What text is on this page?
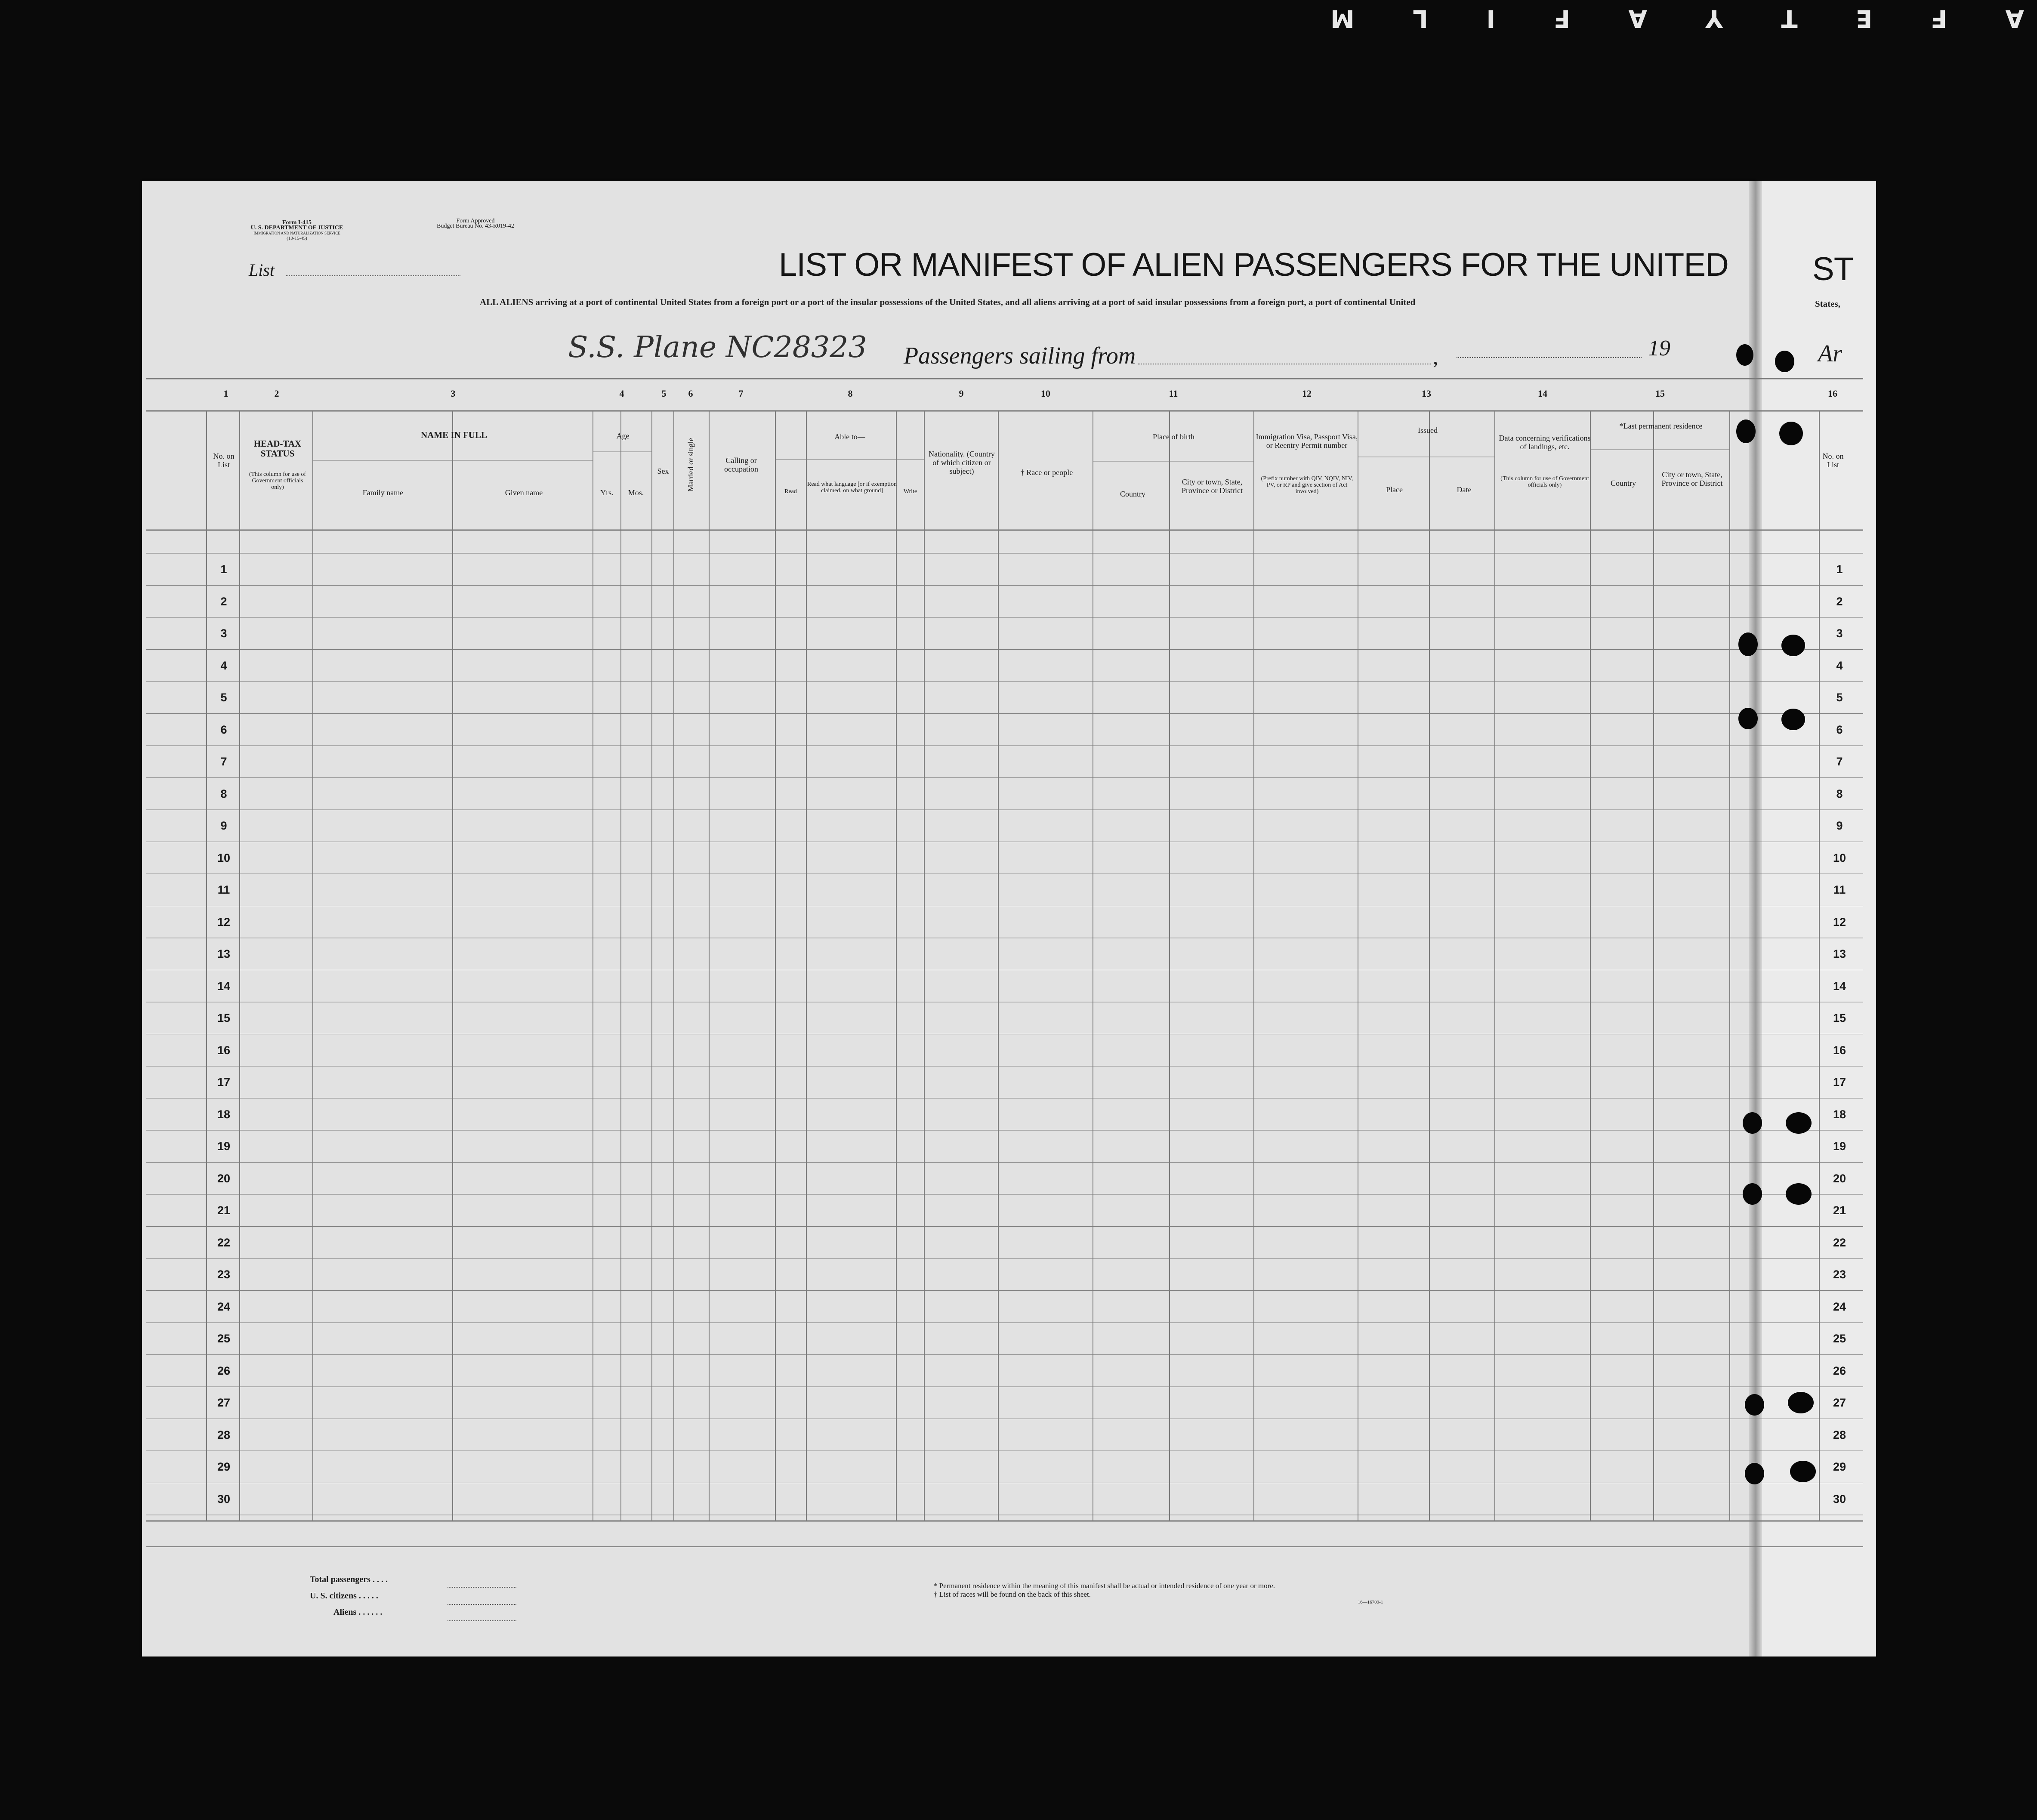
A F E T Y A F I L M
Form I-415
U. S. DEPARTMENT OF JUSTICE
IMMIGRATION AND NATURALIZATION SERVICE
(10-15-45)
Form Approved
Budget Bureau No. 43-R019-42
List	LIST OR MANIFEST OF ALIEN PASSENGERS FOR THE UNITED	ST
ALL ALIENS arriving at a port of continental United States from a foreign port or a port of the insular possessions of the United States, and all aliens arriving at a port of said insular possessions from a foreign port, a port of continental United	States,
S.S. Plane NC28323 Passengers sailing from	,	19	Ar
1	2	3	4	5	6	7	8	9	10	11	12	13	14	15	16
No. on List
HEAD-TAX STATUS
(This column for use of Government officials only)
NAME IN FULL
Family name	Given name
Age
Yrs.	Mos.
Sex	Married or single	Calling or occupation
Able to—
Read
Read what language [or if exemption claimed, on what ground]	Write
Nationality. (Country of which citizen or subject)	† Race or people
Place of birth
Country
City or town, State, Province or District
Immigration Visa, Passport Visa, or Reentry Permit number
(Prefix number with QIV, NQIV, NIV, PV, or RP and give section of Act involved)
Issued
Place	Date
Data concerning verifications of landings, etc.
(This column for use of Government officials only)
*Last permanent residence
Country
City or town, State, Province or District
No. on List
1	1
2	2
3	3
4	4
5	5
6	6
7	7
8	8
9	9
10	10
11	11
12	12
13	13
14	14
15	15
16	16
17	17
18	18
19	19
20	20
21	21
22	22
23	23
24	24
25	25
26	26
27	27
28	28
29	29
30	30
Total passengers . . . .
U. S. citizens . . . . .
Aliens . . . . . .
* Permanent residence within the meaning of this manifest shall be actual or intended residence of one year or more.
† List of races will be found on the back of this sheet.
16—16709-1
